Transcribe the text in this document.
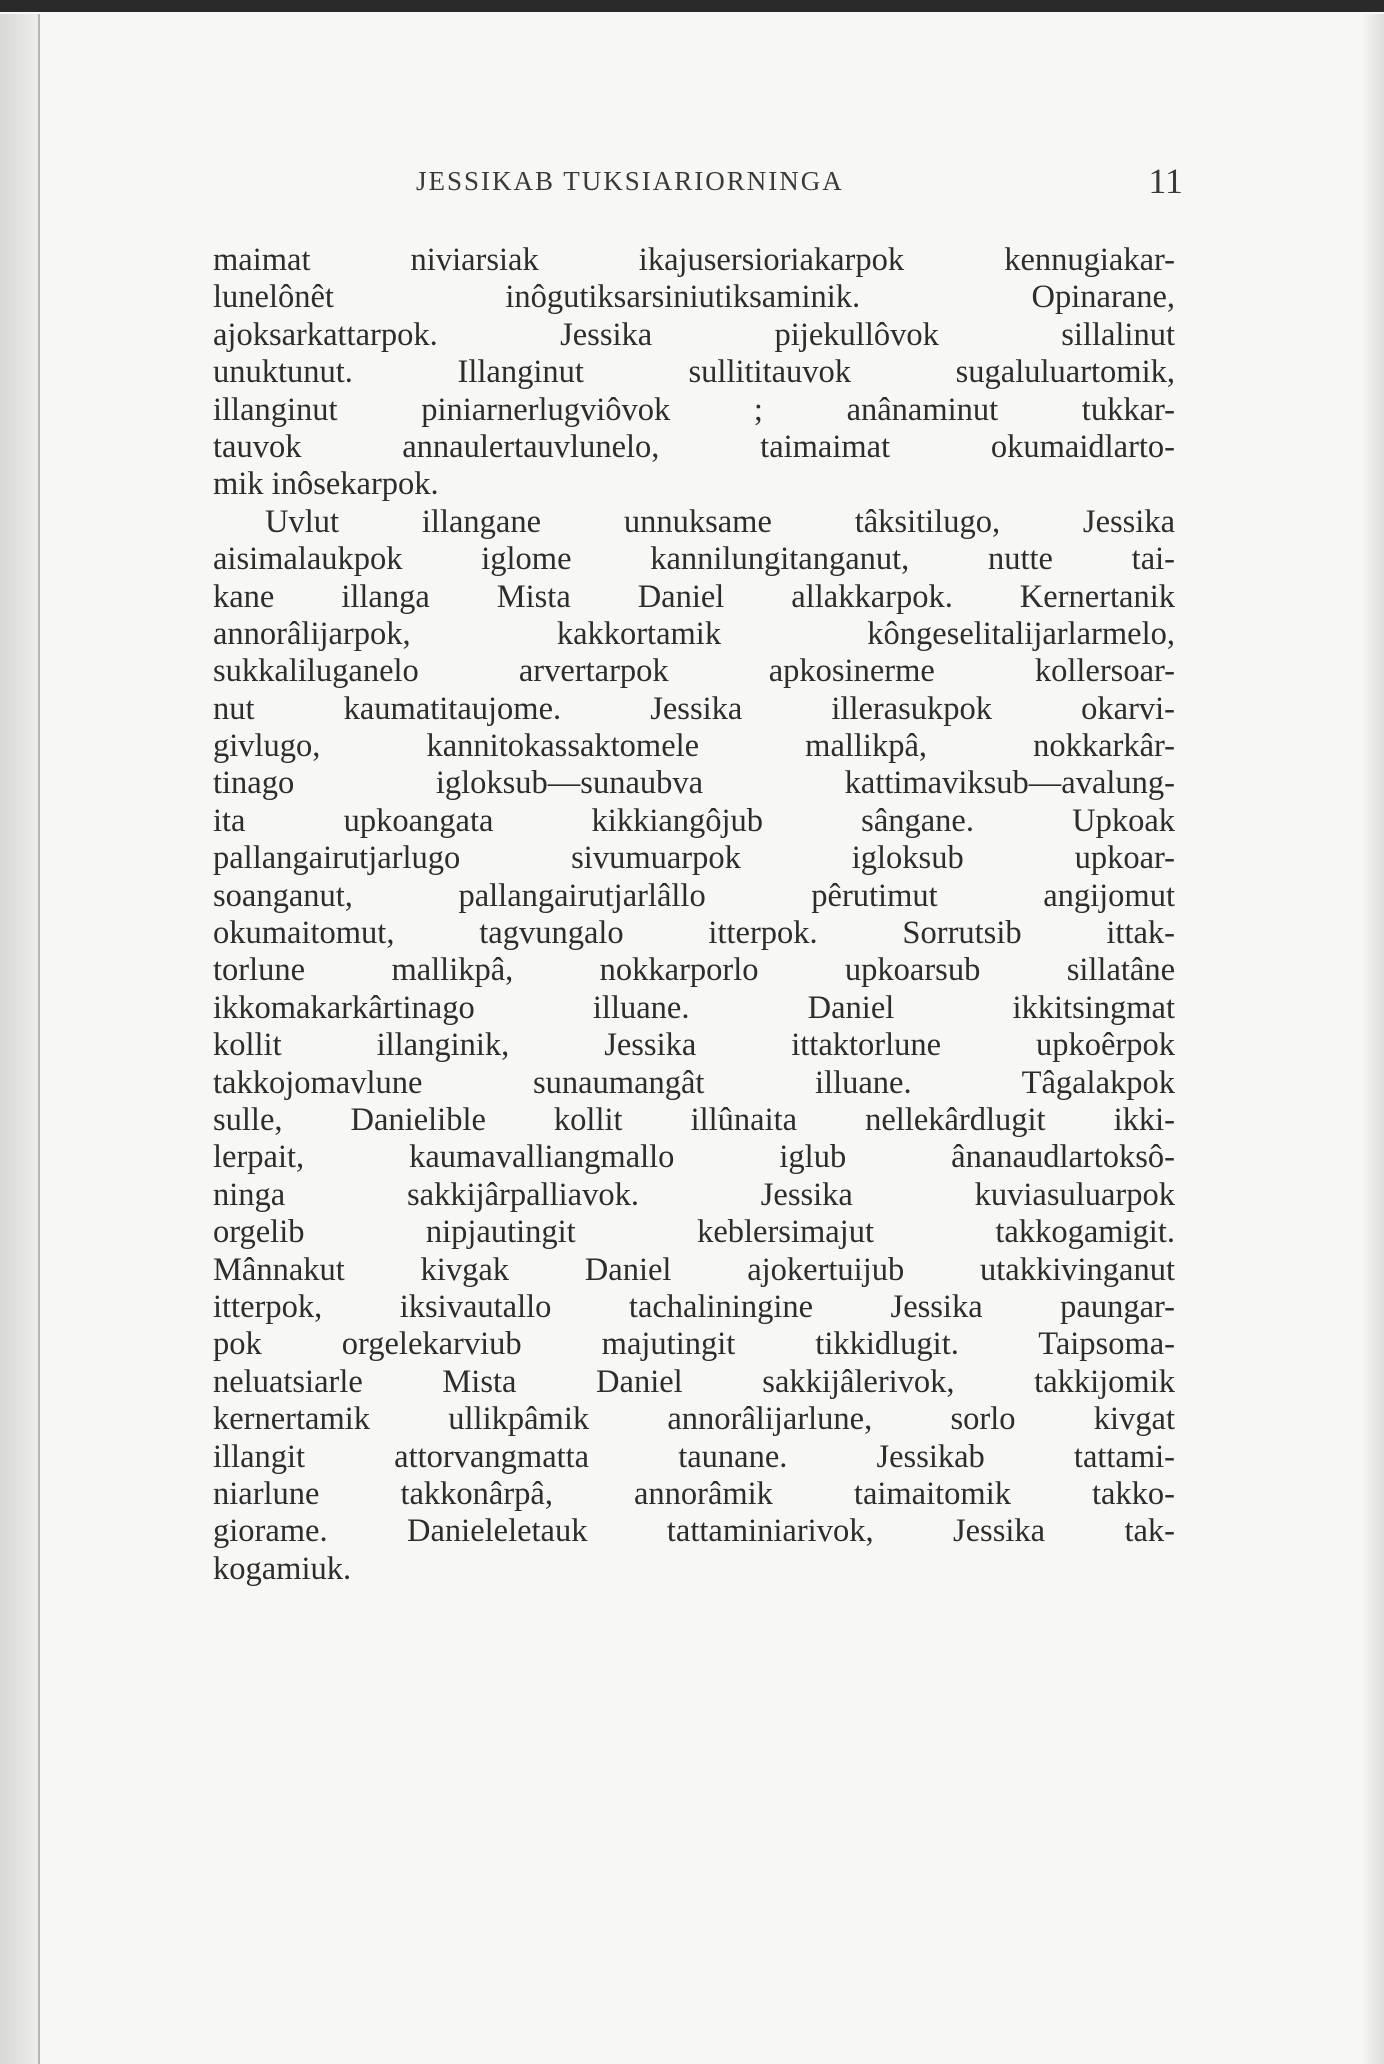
JESSIKAB TUKSIARIORNINGA	11
maimat niviarsiak ikajusersioriakarpok kennugiakar-
lunelônêt inôgutiksarsiniutiksaminik. Opinarane,
ajoksarkattarpok. Jessika pijekullôvok sillalinut
unuktunut. Illanginut sullititauvok sugaluluartomik,
illanginut piniarnerlugviôvok ; anânaminut tukkar-
tauvok annaulertauvlunelo, taimaimat okumaidlarto-
mik inôsekarpok.
Uvlut illangane unnuksame tâksitilugo, Jessika
aisimalaukpok iglome kannilungitanganut, nutte tai-
kane illanga Mista Daniel allakkarpok. Kernertanik
annorâlijarpok, kakkortamik kôngeselitalijarlarmelo,
sukkaliluganelo arvertarpok apkosinerme kollersoar-
nut kaumatitaujome. Jessika illerasukpok okarvi-
givlugo, kannitokassaktomele mallikpâ, nokkarkâr-
tinago igloksub—sunaubva kattimaviksub—avalung-
ita upkoangata kikkiangôjub sângane. Upkoak
pallangairutjarlugo sivumuarpok igloksub upkoar-
soanganut, pallangairutjarlâllo pêrutimut angijomut
okumaitomut, tagvungalo itterpok. Sorrutsib ittak-
torlune mallikpâ, nokkarporlo upkoarsub sillatâne
ikkomakarkârtinago illuane. Daniel ikkitsingmat
kollit illanginik, Jessika ittaktorlune upkoêrpok
takkojomavlune sunaumangât illuane. Tâgalakpok
sulle, Danielible kollit illûnaita nellekârdlugit ikki-
lerpait, kaumavalliangmallo iglub ânanaudlartoksô-
ninga sakkijârpalliavok. Jessika kuviasuluarpok
orgelib nipjautingit keblersimajut takkogamigit.
Mânnakut kivgak Daniel ajokertuijub utakkivinganut
itterpok, iksivautallo tachaliningine Jessika paungar-
pok orgelekarviub majutingit tikkidlugit. Taipsoma-
neluatsiarle Mista Daniel sakkijâlerivok, takkijomik
kernertamik ullikpâmik annorâlijarlune, sorlo kivgat
illangit attorvangmatta taunane. Jessikab tattami-
niarlune takkonârpâ, annorâmik taimaitomik takko-
giorame. Danieleletauk tattaminiarivok, Jessika tak-
kogamiuk.
